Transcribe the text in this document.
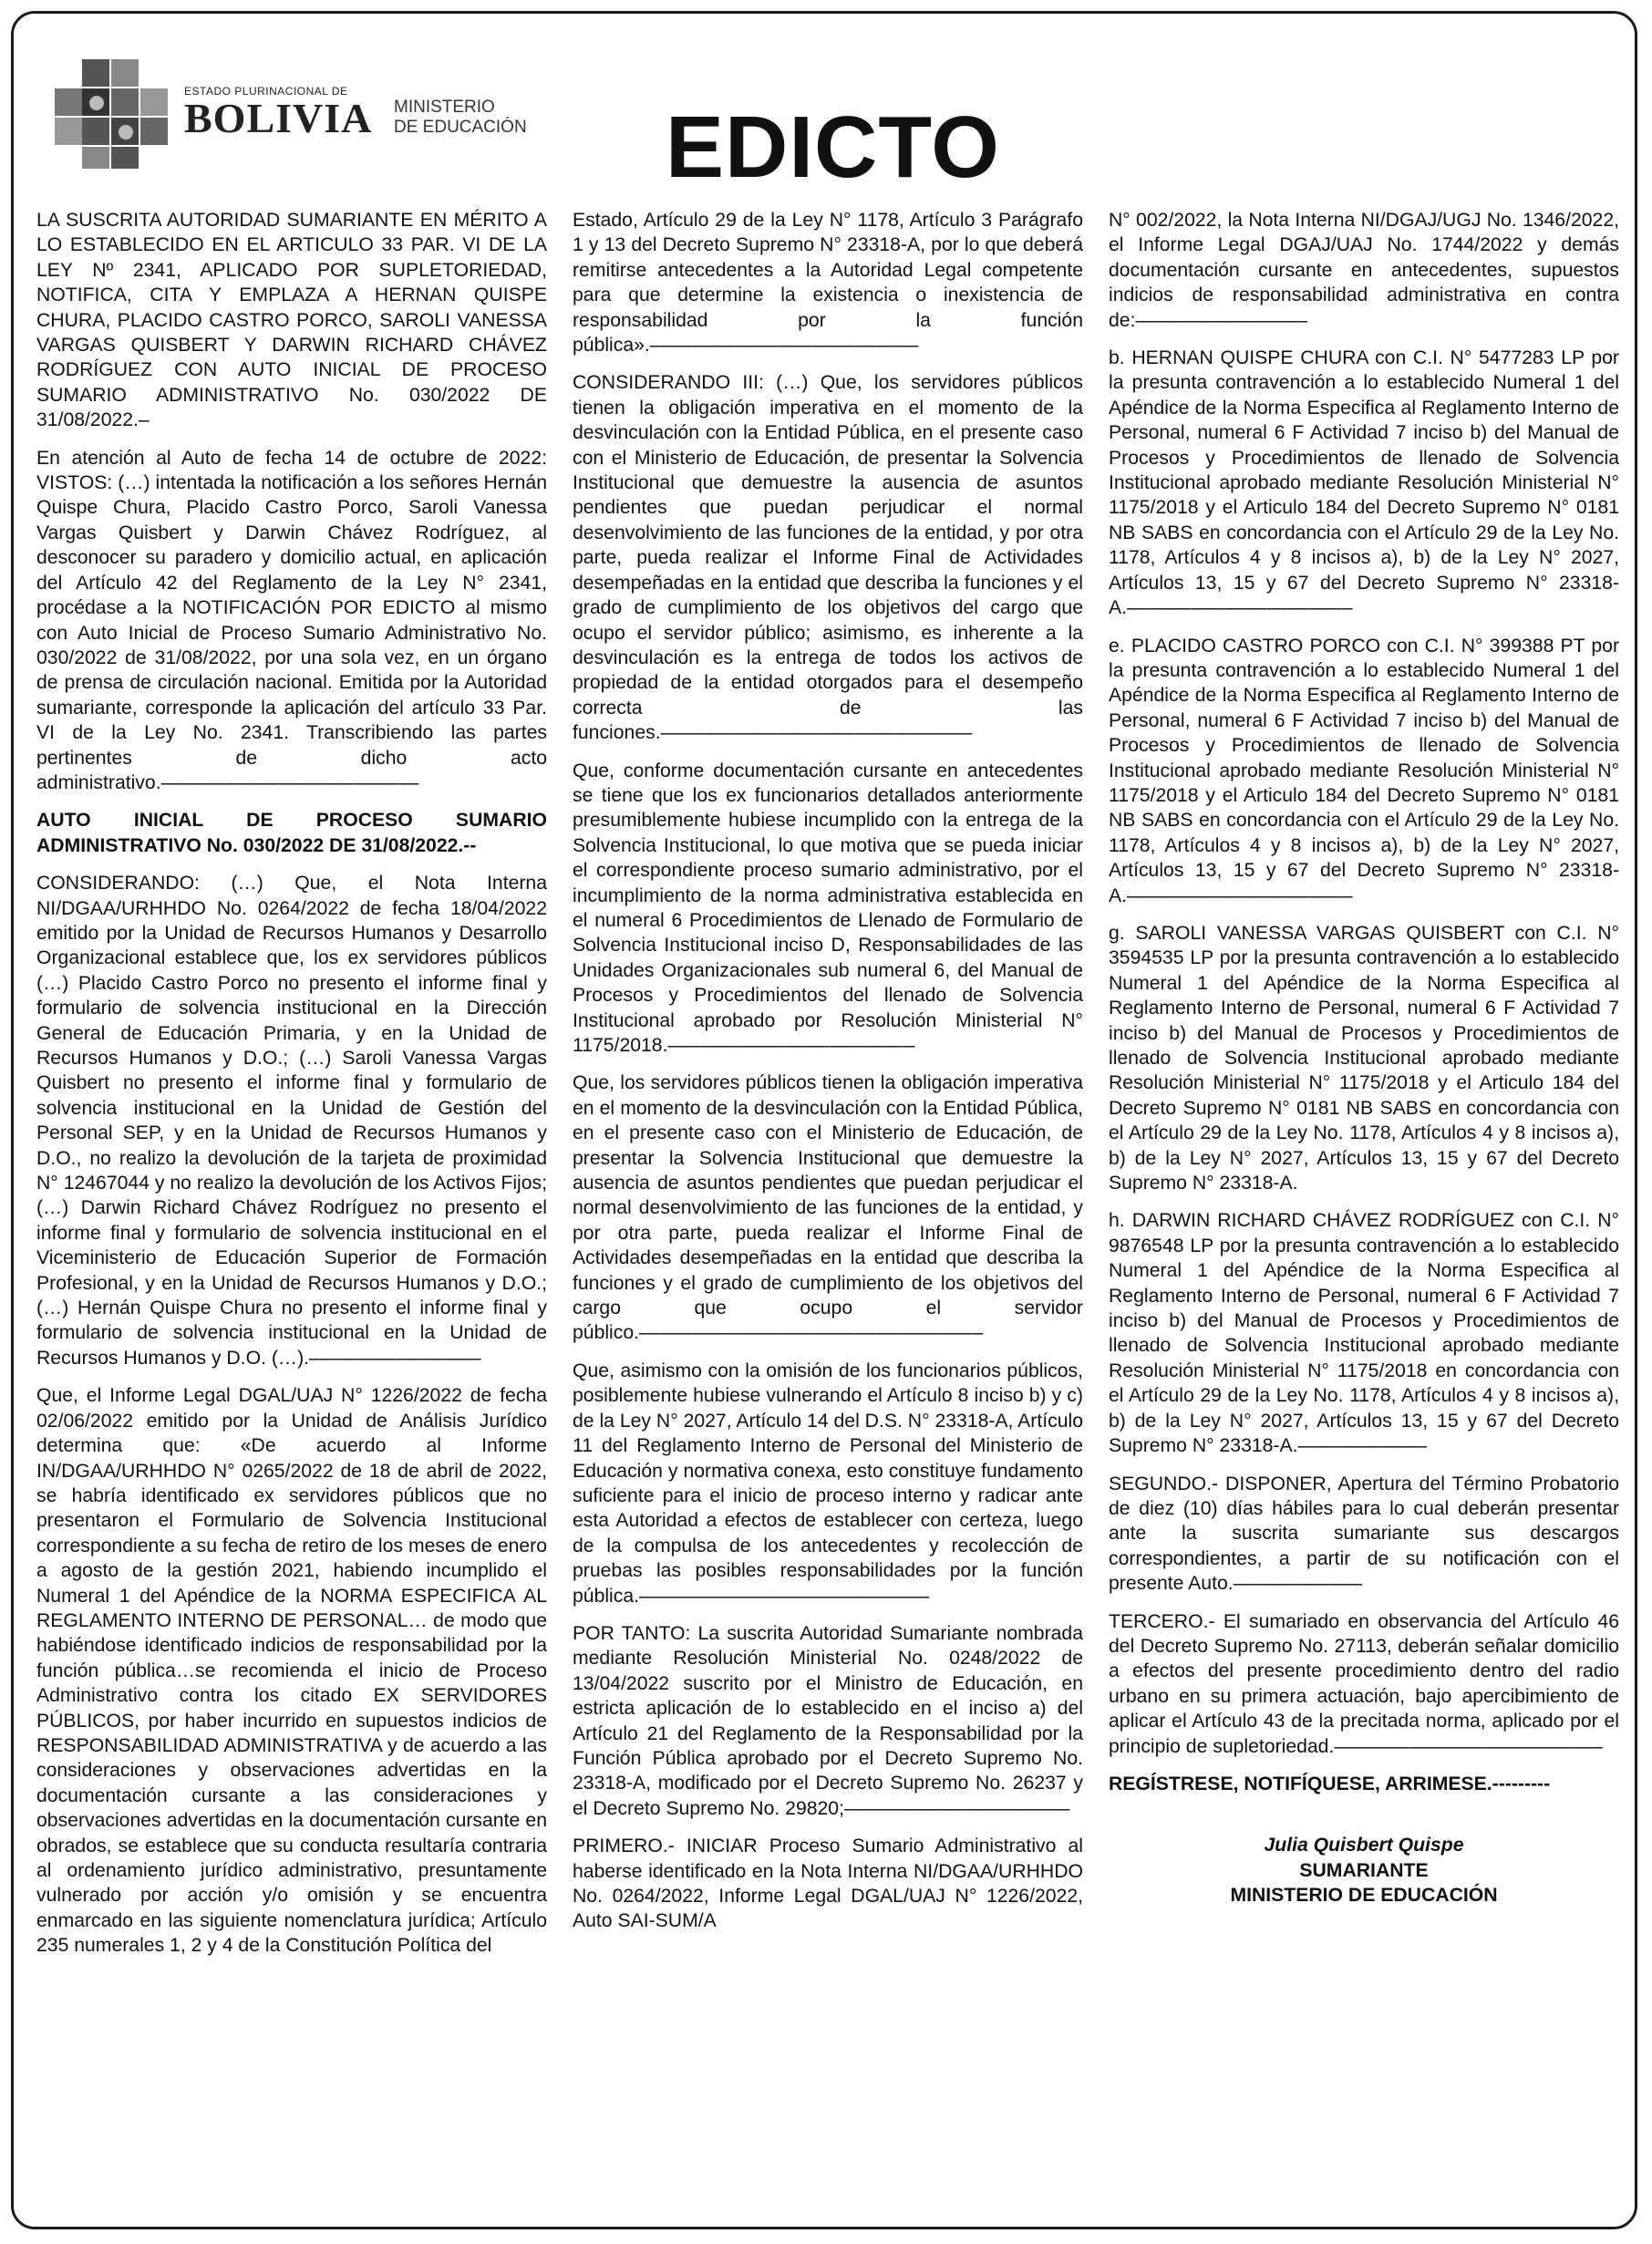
ESTADO PLURINACIONAL DE
BOLIVIA MINISTERIO
DE EDUCACIÓN EDICTO

LA SUSCRITA AUTORIDAD SUMARIANTE EN MÉRITO A LO ESTABLECIDO EN EL ARTICULO 33 PAR. VI DE LA LEY Nº 2341, APLICADO POR SUPLETORIEDAD, NOTIFICA, CITA Y EMPLAZA A HERNAN QUISPE CHURA, PLACIDO CASTRO PORCO, SAROLI VANESSA VARGAS QUISBERT Y DARWIN RICHARD CHÁVEZ RODRÍGUEZ CON AUTO INICIAL DE PROCESO SUMARIO ADMINISTRATIVO No. 030/2022 DE 31/08/2022.–

En atención al Auto de fecha 14 de octubre de 2022: VISTOS: (…) intentada la notificación a los señores Hernán Quispe Chura, Placido Castro Porco, Saroli Vanessa Vargas Quisbert y Darwin Chávez Rodríguez, al desconocer su paradero y domicilio actual, en aplicación del Artículo 42 del Reglamento de la Ley N° 2341, procédase a la NOTIFICACIÓN POR EDICTO al mismo con Auto Inicial de Proceso Sumario Administrativo No. 030/2022 de 31/08/2022, por una sola vez, en un órgano de prensa de circulación nacional. Emitida por la Autoridad sumariante, corresponde la aplicación del artículo 33 Par. VI de la Ley No. 2341. Transcribiendo las partes pertinentes de dicho acto administrativo.––––––––––––––––––––––––

AUTO INICIAL DE PROCESO SUMARIO ADMINISTRATIVO No. 030/2022 DE 31/08/2022.--

CONSIDERANDO: (…) Que, el Nota Interna NI/DGAA/URHHDO No. 0264/2022 de fecha 18/04/2022 emitido por la Unidad de Recursos Humanos y Desarrollo Organizacional establece que, los ex servidores públicos (…) Placido Castro Porco no presento el informe final y formulario de solvencia institucional en la Dirección General de Educación Primaria, y en la Unidad de Recursos Humanos y D.O.; (…) Saroli Vanessa Vargas Quisbert no presento el informe final y formulario de solvencia institucional en la Unidad de Gestión del Personal SEP, y en la Unidad de Recursos Humanos y D.O., no realizo la devolución de la tarjeta de proximidad N° 12467044 y no realizo la devolución de los Activos Fijos; (…) Darwin Richard Chávez Rodríguez no presento el informe final y formulario de solvencia institucional en el Viceministerio de Educación Superior de Formación Profesional, y en la Unidad de Recursos Humanos y D.O.; (…) Hernán Quispe Chura no presento el informe final y formulario de solvencia institucional en la Unidad de Recursos Humanos y D.O. (…).––––––––––––––––

Que, el Informe Legal DGAL/UAJ N° 1226/2022 de fecha 02/06/2022 emitido por la Unidad de Análisis Jurídico determina que: «De acuerdo al Informe IN/DGAA/URHHDO N° 0265/2022 de 18 de abril de 2022, se habría identificado ex servidores públicos que no presentaron el Formulario de Solvencia Institucional correspondiente a su fecha de retiro de los meses de enero a agosto de la gestión 2021, habiendo incumplido el Numeral 1 del Apéndice de la NORMA ESPECIFICA AL REGLAMENTO INTERNO DE PERSONAL… de modo que habiéndose identificado indicios de responsabilidad por la función pública…se recomienda el inicio de Proceso Administrativo contra los citado EX SERVIDORES PÚBLICOS, por haber incurrido en supuestos indicios de RESPONSABILIDAD ADMINISTRATIVA y de acuerdo a las consideraciones y observaciones advertidas en la documentación cursante a las consideraciones y observaciones advertidas en la documentación cursante en obrados, se establece que su conducta resultaría contraria al ordenamiento jurídico administrativo, presuntamente vulnerado por acción y/o omisión y se encuentra enmarcado en las siguiente nomenclatura jurídica; Artículo 235 numerales 1, 2 y 4 de la Constitución Política del

Estado, Artículo 29 de la Ley N° 1178, Artículo 3 Parágrafo 1 y 13 del Decreto Supremo N° 23318-A, por lo que deberá remitirse antecedentes a la Autoridad Legal competente para que determine la existencia o inexistencia de responsabilidad por la función pública».–––––––––––––––––––––––––

CONSIDERANDO III: (…) Que, los servidores públicos tienen la obligación imperativa en el momento de la desvinculación con la Entidad Pública, en el presente caso con el Ministerio de Educación, de presentar la Solvencia Institucional que demuestre la ausencia de asuntos pendientes que puedan perjudicar el normal desenvolvimiento de las funciones de la entidad, y por otra parte, pueda realizar el Informe Final de Actividades desempeñadas en la entidad que describa la funciones y el grado de cumplimiento de los objetivos del cargo que ocupo el servidor público; asimismo, es inherente a la desvinculación es la entrega de todos los activos de propiedad de la entidad otorgados para el desempeño correcta de las funciones.–––––––––––––––––––––––––––––

Que, conforme documentación cursante en antecedentes se tiene que los ex funcionarios detallados anteriormente presumiblemente hubiese incumplido con la entrega de la Solvencia Institucional, lo que motiva que se pueda iniciar el correspondiente proceso sumario administrativo, por el incumplimiento de la norma administrativa establecida en el numeral 6 Procedimientos de Llenado de Formulario de Solvencia Institucional inciso D, Responsabilidades de las Unidades Organizacionales sub numeral 6, del Manual de Procesos y Procedimientos del llenado de Solvencia Institucional aprobado por Resolución Ministerial N° 1175/2018.–––––––––––––––––––––––

Que, los servidores públicos tienen la obligación imperativa en el momento de la desvinculación con la Entidad Pública, en el presente caso con el Ministerio de Educación, de presentar la Solvencia Institucional que demuestre la ausencia de asuntos pendientes que puedan perjudicar el normal desenvolvimiento de las funciones de la entidad, y por otra parte, pueda realizar el Informe Final de Actividades desempeñadas en la entidad que describa la funciones y el grado de cumplimiento de los objetivos del cargo que ocupo el servidor público.––––––––––––––––––––––––––––––––

Que, asimismo con la omisión de los funcionarios públicos, posiblemente hubiese vulnerando el Artículo 8 inciso b) y c) de la Ley N° 2027, Artículo 14 del D.S. N° 23318-A, Artículo 11 del Reglamento Interno de Personal del Ministerio de Educación y normativa conexa, esto constituye fundamento suficiente para el inicio de proceso interno y radicar ante esta Autoridad a efectos de establecer con certeza, luego de la compulsa de los antecedentes y recolección de pruebas las posibles responsabilidades por la función pública.–––––––––––––––––––––––––––

POR TANTO: La suscrita Autoridad Sumariante nombrada mediante Resolución Ministerial No. 0248/2022 de 13/04/2022 suscrito por el Ministro de Educación, en estricta aplicación de lo establecido en el inciso a) del Artículo 21 del Reglamento de la Responsabilidad por la Función Pública aprobado por el Decreto Supremo No. 23318-A, modificado por el Decreto Supremo No. 26237 y el Decreto Supremo No. 29820;–––––––––––––––––––––

PRIMERO.- INICIAR Proceso Sumario Administrativo al haberse identificado en la Nota Interna NI/DGAA/URHHDO No. 0264/2022, Informe Legal DGAL/UAJ N° 1226/2022, Auto SAI-SUM/A

N° 002/2022, la Nota Interna NI/DGAJ/UGJ No. 1346/2022, el Informe Legal DGAJ/UAJ No. 1744/2022 y demás documentación cursante en antecedentes, supuestos indicios de responsabilidad administrativa en contra de:––––––––––––––––

b. HERNAN QUISPE CHURA con C.I. N° 5477283 LP por la presunta contravención a lo establecido Numeral 1 del Apéndice de la Norma Especifica al Reglamento Interno de Personal, numeral 6 F Actividad 7 inciso b) del Manual de Procesos y Procedimientos de llenado de Solvencia Institucional aprobado mediante Resolución Ministerial N° 1175/2018 y el Articulo 184 del Decreto Supremo N° 0181 NB SABS en concordancia con el Artículo 29 de la Ley No. 1178, Artículos 4 y 8 incisos a), b) de la Ley N° 2027, Artículos 13, 15 y 67 del Decreto Supremo N° 23318-A.–––––––––––––––––––––

e. PLACIDO CASTRO PORCO con C.I. N° 399388 PT por la presunta contravención a lo establecido Numeral 1 del Apéndice de la Norma Especifica al Reglamento Interno de Personal, numeral 6 F Actividad 7 inciso b) del Manual de Procesos y Procedimientos de llenado de Solvencia Institucional aprobado mediante Resolución Ministerial N° 1175/2018 y el Articulo 184 del Decreto Supremo N° 0181 NB SABS en concordancia con el Artículo 29 de la Ley No. 1178, Artículos 4 y 8 incisos a), b) de la Ley N° 2027, Artículos 13, 15 y 67 del Decreto Supremo N° 23318-A.–––––––––––––––––––––

g. SAROLI VANESSA VARGAS QUISBERT con C.I. N° 3594535 LP por la presunta contravención a lo establecido Numeral 1 del Apéndice de la Norma Especifica al Reglamento Interno de Personal, numeral 6 F Actividad 7 inciso b) del Manual de Procesos y Procedimientos de llenado de Solvencia Institucional aprobado mediante Resolución Ministerial N° 1175/2018 y el Articulo 184 del Decreto Supremo N° 0181 NB SABS en concordancia con el Artículo 29 de la Ley No. 1178, Artículos 4 y 8 incisos a), b) de la Ley N° 2027, Artículos 13, 15 y 67 del Decreto Supremo N° 23318-A.

h. DARWIN RICHARD CHÁVEZ RODRÍGUEZ con C.I. N° 9876548 LP por la presunta contravención a lo establecido Numeral 1 del Apéndice de la Norma Especifica al Reglamento Interno de Personal, numeral 6 F Actividad 7 inciso b) del Manual de Procesos y Procedimientos de llenado de Solvencia Institucional aprobado mediante Resolución Ministerial N° 1175/2018 en concordancia con el Artículo 29 de la Ley No. 1178, Artículos 4 y 8 incisos a), b) de la Ley N° 2027, Artículos 13, 15 y 67 del Decreto Supremo N° 23318-A.––––––––––––

SEGUNDO.- DISPONER, Apertura del Término Probatorio de diez (10) días hábiles para lo cual deberán presentar ante la suscrita sumariante sus descargos correspondientes, a partir de su notificación con el presente Auto.––––––––––––

TERCERO.- El sumariado en observancia del Artículo 46 del Decreto Supremo No. 27113, deberán señalar domicilio a efectos del presente procedimiento dentro del radio urbano en su primera actuación, bajo apercibimiento de aplicar el Artículo 43 de la precitada norma, aplicado por el principio de supletoriedad.–––––––––––––––––––––––––

REGÍSTRESE, NOTIFÍQUESE, ARRIMESE.---------

Julia Quisbert Quispe
SUMARIANTE
MINISTERIO DE EDUCACIÓN
